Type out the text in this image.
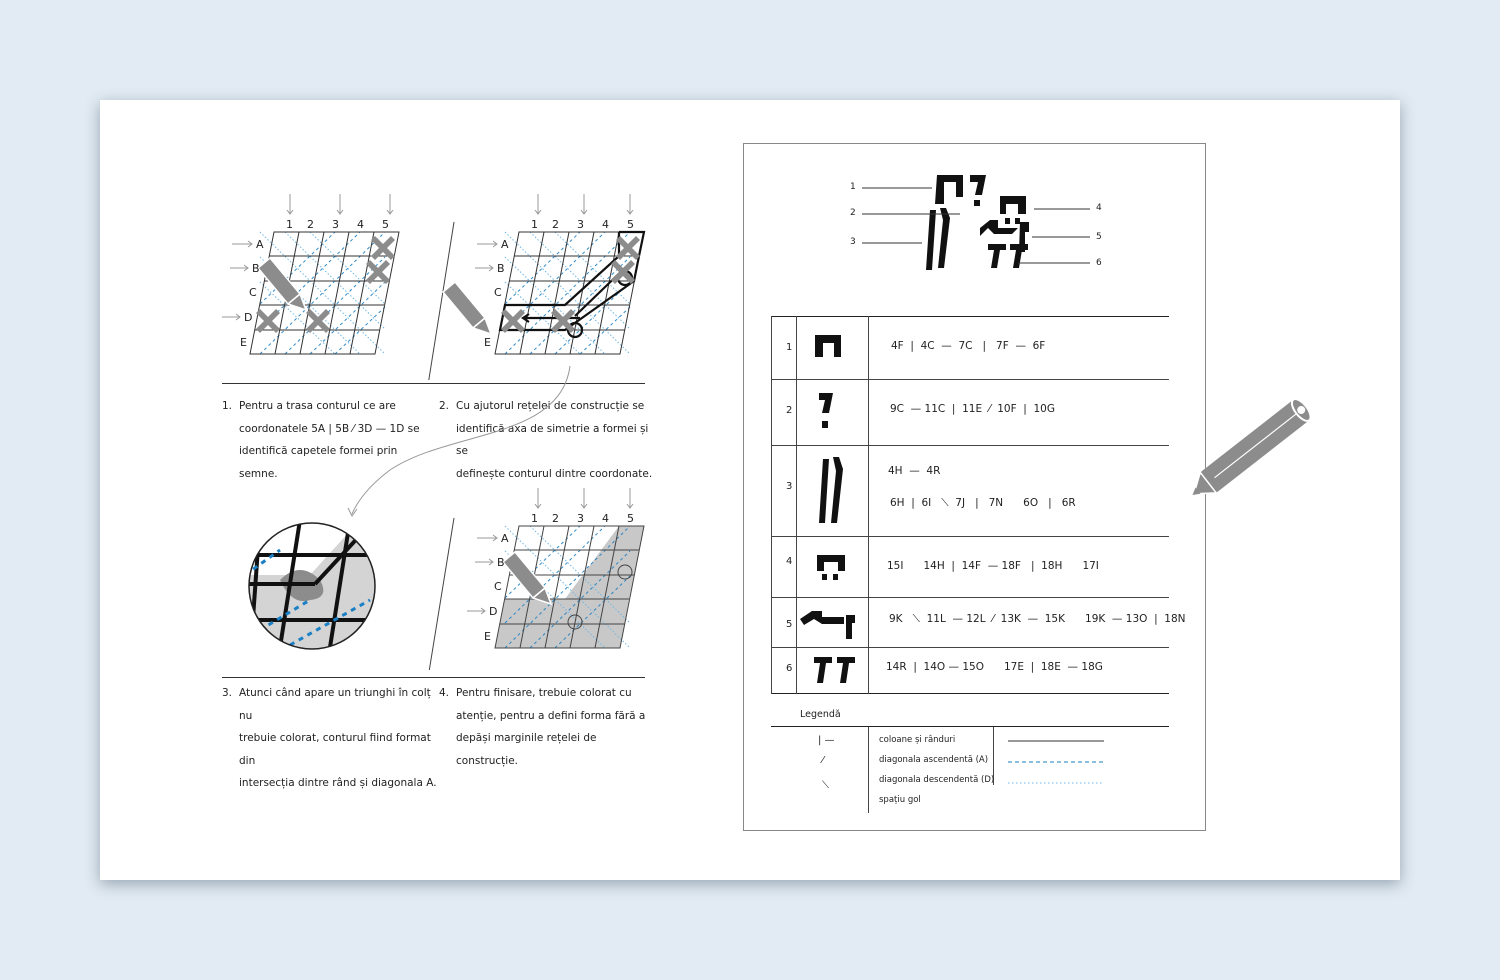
1 2 3 4 5
A
B
C
D
E
1 2 3 4 5
A
B
C
E
1. Pentru a trasa conturul ce are
coordonatele 5A | 5B ⁄ 3D — 1D se
identifică capetele formei prin semne.
2. Cu ajutorul rețelei de construcție se
identifică axa de simetrie a formei și se
definește conturul dintre coordonate.
1 2 3 4 5
A
B
C
D
E
3. Atunci când apare un triunghi în colț nu
trebuie colorat, conturul fiind format din
intersecția dintre rând și diagonala A.
4. Pentru finisare, trebuie colorat cu
atenție, pentru a defini forma fără a
depăși marginile rețelei de construcție.
1
2
3
4
5
6
1
2
3
4
5
6
4F  |  4C  —  7C   |   7F  —  6F
9C  — 11C  |  11E  ⁄  10F  |  10G
4H  —  4R
6H  |  6I   ⟍  7J   |   7N      6O   |   6R
15I      14H  |  14F  — 18F   |  18H      17I
9K   ⟍  11L  — 12L  ⁄  13K  —  15K      19K  — 13O  |  18N
14R  |  14O — 15O      17E  |  18E  — 18G
Legendă
| —
⁄
⟍
coloane și rânduri
diagonala ascendentă (A)
diagonala descendentă (D)
spațiu gol
